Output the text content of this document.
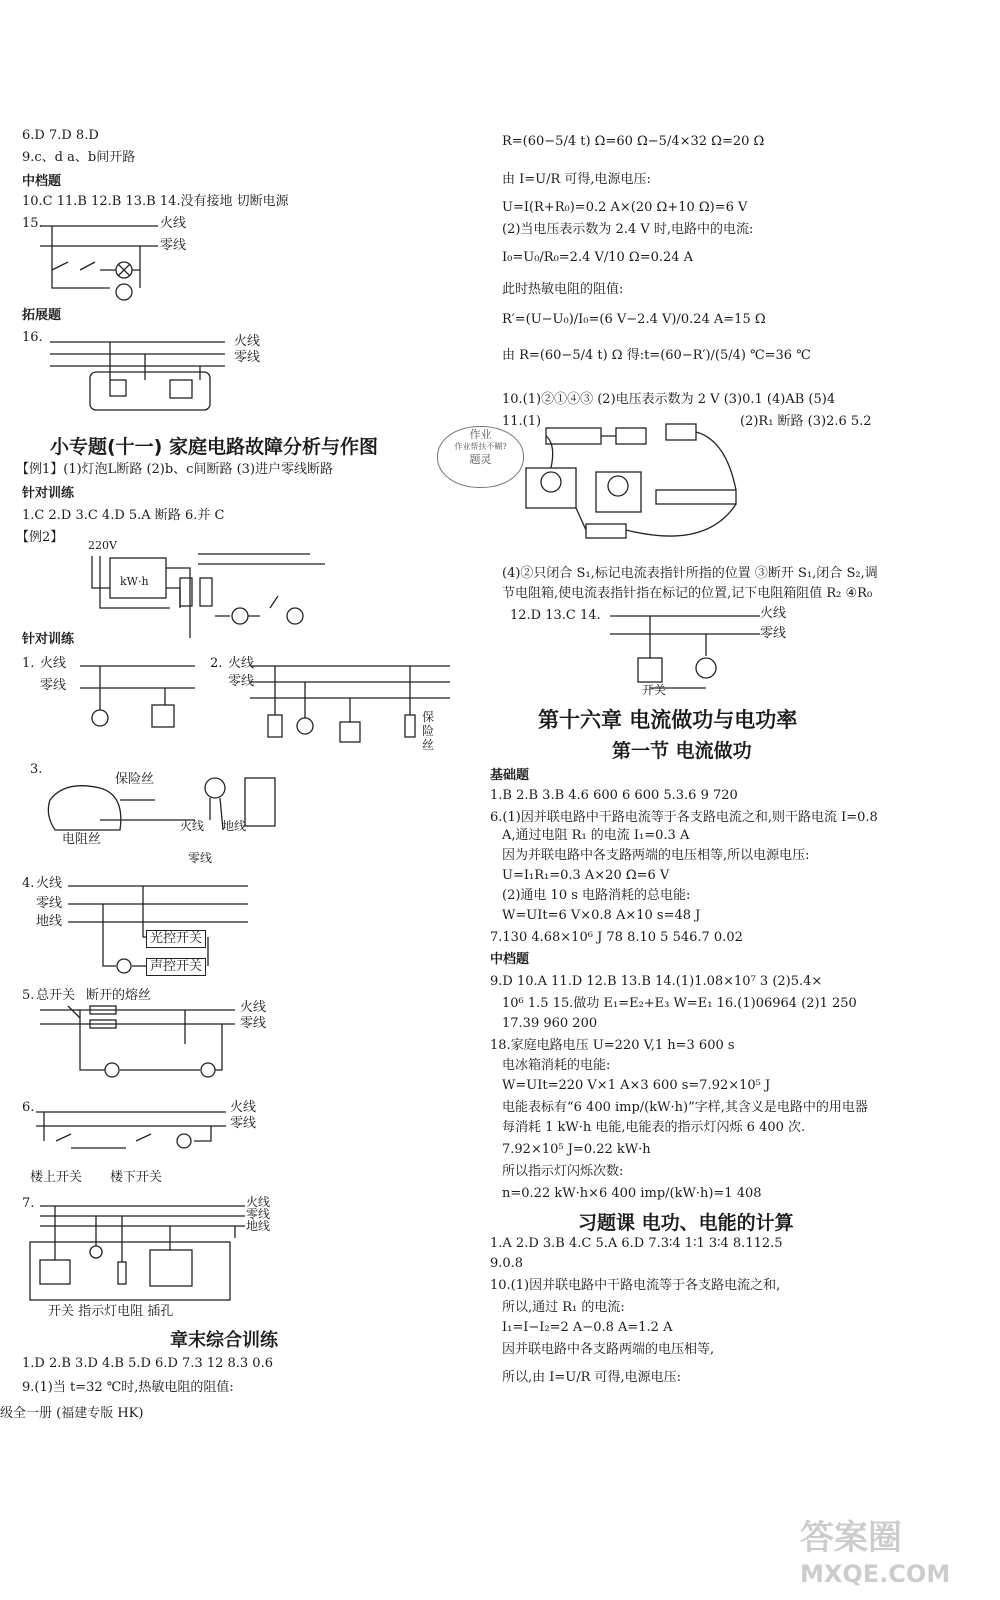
6.D 7.D 8.D
9.c、d a、b间开路
中档题
10.C 11.B 12.B 13.B 14.没有接地 切断电源
15.	火线
零线
拓展题
16.	火线
零线
小专题(十一) 家庭电路故障分析与作图
【例1】(1)灯泡L断路 (2)b、c间断路 (3)进户零线断路
针对训练
1.C 2.D 3.C 4.D 5.A 断路 6.并 C
【例2】
220V
kW·h
针对训练
1. 火线
零线
2. 火线
零线
保险丝
3.
保险丝
电阻丝
火线 地线
零线
4. 火线
零线
地线
光控开关
声控开关
5. 总开关 断开的熔丝
火线
零线
6.	火线
零线
楼上开关 楼下开关
7.	火线
零线
地线
开关 指示灯电阻 插孔
章末综合训练
1.D 2.B 3.D 4.B 5.D 6.D 7.3 12 8.3 0.6
9.(1)当 t=32 ℃时,热敏电阻的阻值:
级全一册 (福建专版 HK)
作业
作业帮扶不糊?
题灵
R=(60−5/4 t) Ω=60 Ω−5/4×32 Ω=20 Ω
由 I=U/R 可得,电源电压:
U=I(R+R₀)=0.2 A×(20 Ω+10 Ω)=6 V
(2)当电压表示数为 2.4 V 时,电路中的电流:
I₀=U₀/R₀=2.4 V/10 Ω=0.24 A
此时热敏电阻的阻值:
R′=(U−U₀)/I₀=(6 V−2.4 V)/0.24 A=15 Ω
由 R=(60−5/4 t) Ω 得:t=(60−R′)/(5/4) ℃=36 ℃
10.(1)②①④③ (2)电压表示数为 2 V (3)0.1 (4)AB (5)4
11.(1)	(2)R₁ 断路 (3)2.6 5.2
(4)②只闭合 S₁,标记电流表指针所指的位置 ③断开 S₁,闭合 S₂,调
节电阻箱,使电流表指针指在标记的位置,记下电阻箱阻值 R₂ ④R₀
12.D 13.C 14.	火线
零线
开关
第十六章 电流做功与电功率
第一节 电流做功
基础题
1.B 2.B 3.B 4.6 600 6 600 5.3.6 9 720
6.(1)因并联电路中干路电流等于各支路电流之和,则干路电流 I=0.8
A,通过电阻 R₁ 的电流 I₁=0.3 A
因为并联电路中各支路两端的电压相等,所以电源电压:
U=I₁R₁=0.3 A×20 Ω=6 V
(2)通电 10 s 电路消耗的总电能:
W=UIt=6 V×0.8 A×10 s=48 J
7.130 4.68×10⁶ J 78 8.10 5 546.7 0.02
中档题
9.D 10.A 11.D 12.B 13.B 14.(1)1.08×10⁷ 3 (2)5.4×
10⁶ 1.5 15.做功 E₁=E₂+E₃ W=E₁ 16.(1)06964 (2)1 250
17.39 960 200
18.家庭电路电压 U=220 V,1 h=3 600 s
电冰箱消耗的电能:
W=UIt=220 V×1 A×3 600 s=7.92×10⁵ J
电能表标有“6 400 imp/(kW·h)”字样,其含义是电路中的用电器
每消耗 1 kW·h 电能,电能表的指示灯闪烁 6 400 次.
7.92×10⁵ J=0.22 kW·h
所以指示灯闪烁次数:
n=0.22 kW·h×6 400 imp/(kW·h)=1 408
习题课 电功、电能的计算
1.A 2.D 3.B 4.C 5.A 6.D 7.3∶4 1∶1 3∶4 8.112.5
9.0.8
10.(1)因并联电路中干路电流等于各支路电流之和,
所以,通过 R₁ 的电流:
I₁=I−I₂=2 A−0.8 A=1.2 A
因并联电路中各支路两端的电压相等,
所以,由 I=U/R 可得,电源电压:
答案圈
MXQE.COM
